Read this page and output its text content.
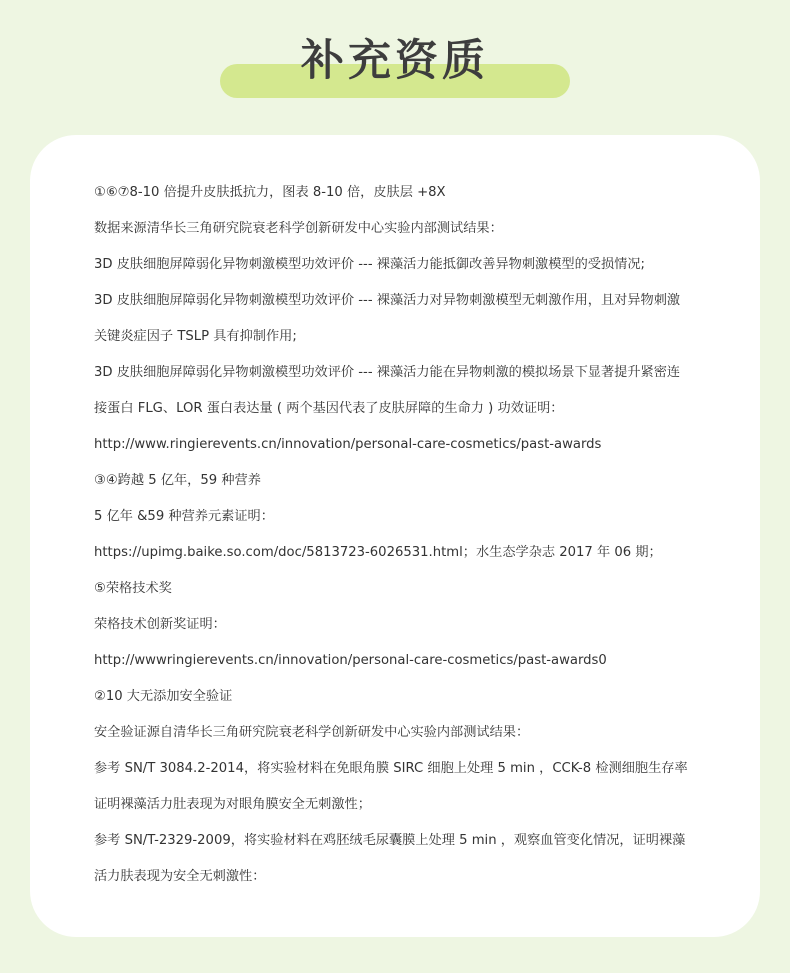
补充资质
①⑥⑦8-10 倍提升皮肤抵抗力，图表 8-10 倍，皮肤层 +8X
数据来源清华长三角研究院衰老科学创新研发中心实验内部测试结果：
3D 皮肤细胞屏障弱化异物刺激模型功效评价 --- 裸藻活力能抵御改善异物刺激模型的受损情况;
3D 皮肤细胞屏障弱化异物刺激模型功效评价 --- 裸藻活力对异物刺激模型无刺激作用，且对异物刺激
关键炎症因子 TSLP 具有抑制作用;
3D 皮肤细胞屏障弱化异物刺激模型功效评价 --- 裸藻活力能在异物刺激的模拟场景下显著提升紧密连
接蛋白 FLG、LOR 蛋白表达量 ( 两个基因代表了皮肤屏障的生命力 ) 功效证明：
http://www.ringierevents.cn/innovation/personal-care-cosmetics/past-awards
③④跨越 5 亿年，59 种营养
5 亿年 &59 种营养元素证明：
https://upimg.baike.so.com/doc/5813723-6026531.html；水生态学杂志 2017 年 06 期；
⑤荣格技术奖
荣格技术创新奖证明：
http://wwwringierevents.cn/innovation/personal-care-cosmetics/past-awards0
②10 大无添加安全验证
安全验证源自清华长三角研究院衰老科学创新研发中心实验内部测试结果：
参考 SN/T 3084.2-2014，将实验材料在免眼角膜 SIRC 细胞上处理 5 min ，CCK-8 检测细胞生存率
证明裸藻活力肚表现为对眼角膜安全无刺激性；
参考 SN/T-2329-2009，将实验材料在鸡胚绒毛尿囊膜上处理 5 min ，观察血管变化情况，证明裸藻
活力肤表现为安全无刺激性：
